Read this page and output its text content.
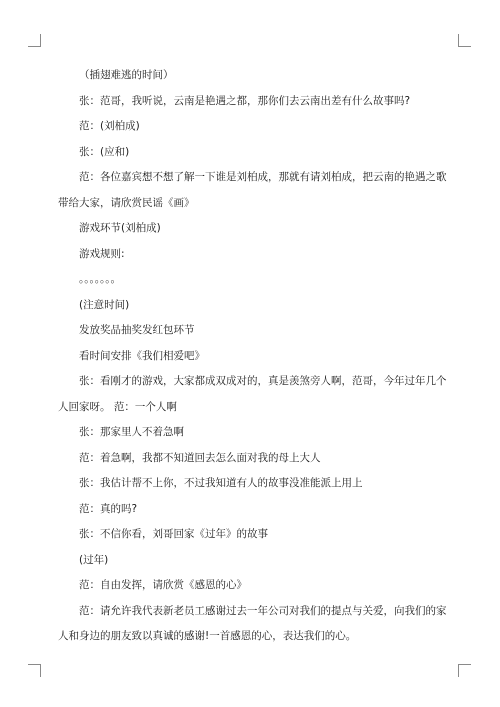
（插翅难逃的时间）
张：范哥，我听说，云南是艳遇之都，那你们去云南出差有什么故事吗?
范：(刘柏成)
张：(应和)
范：各位嘉宾想不想了解一下谁是刘柏成，那就有请刘柏成，把云南的艳遇之歌
带给大家，请欣赏民谣《画》
游戏环节(刘柏成)
游戏规则:
。。。。。。。
(注意时间)
发放奖品抽奖发红包环节
看时间安排《我们相爱吧》
张：看刚才的游戏，大家都成双成对的，真是羡煞旁人啊，范哥，今年过年几个
人回家呀。 范：一个人啊
张：那家里人不着急啊
范：着急啊，我都不知道回去怎么面对我的母上大人
张：我估计帮不上你，不过我知道有人的故事没准能派上用上
范：真的吗?
张：不信你看，刘哥回家《过年》的故事
(过年)
范：自由发挥，请欣赏《感恩的心》
范：请允许我代表新老员工感谢过去一年公司对我们的提点与关爱，向我们的家
人和身边的朋友致以真诚的感谢!一首感恩的心，表达我们的心。
